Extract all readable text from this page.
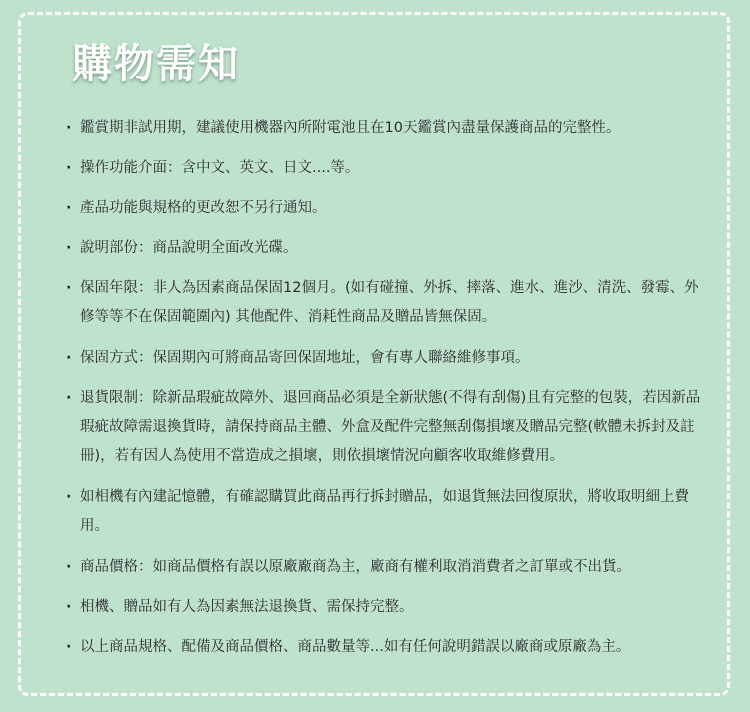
購物需知
· 鑑賞期非試用期，建議使用機器內所附電池且在10天鑑賞內盡量保護商品的完整性。
· 操作功能介面：含中文、英文、日文....等。
· 產品功能與規格的更改恕不另行通知。
· 說明部份：商品說明全面改光碟。
· 保固年限：非人為因素商品保固12個月。(如有碰撞、外拆、摔落、進水、進沙、清洗、發霉、外修等等不在保固範圍內) 其他配件、消耗性商品及贈品皆無保固。
· 保固方式：保固期內可將商品寄回保固地址，會有專人聯絡維修事項。
· 退貨限制：除新品瑕疵故障外、退回商品必須是全新狀態(不得有刮傷)且有完整的包裝，若因新品瑕疵故障需退換貨時，請保持商品主體、外盒及配件完整無刮傷損壞及贈品完整(軟體未拆封及註冊)，若有因人為使用不當造成之損壞，則依損壞情況向顧客收取維修費用。
· 如相機有內建記憶體，有確認購買此商品再行拆封贈品，如退貨無法回復原狀，將收取明細上費用。
· 商品價格：如商品價格有誤以原廠廠商為主，廠商有權利取消消費者之訂單或不出貨。
· 相機、贈品如有人為因素無法退換貨、需保持完整。
· 以上商品規格、配備及商品價格、商品數量等...如有任何說明錯誤以廠商或原廠為主。
